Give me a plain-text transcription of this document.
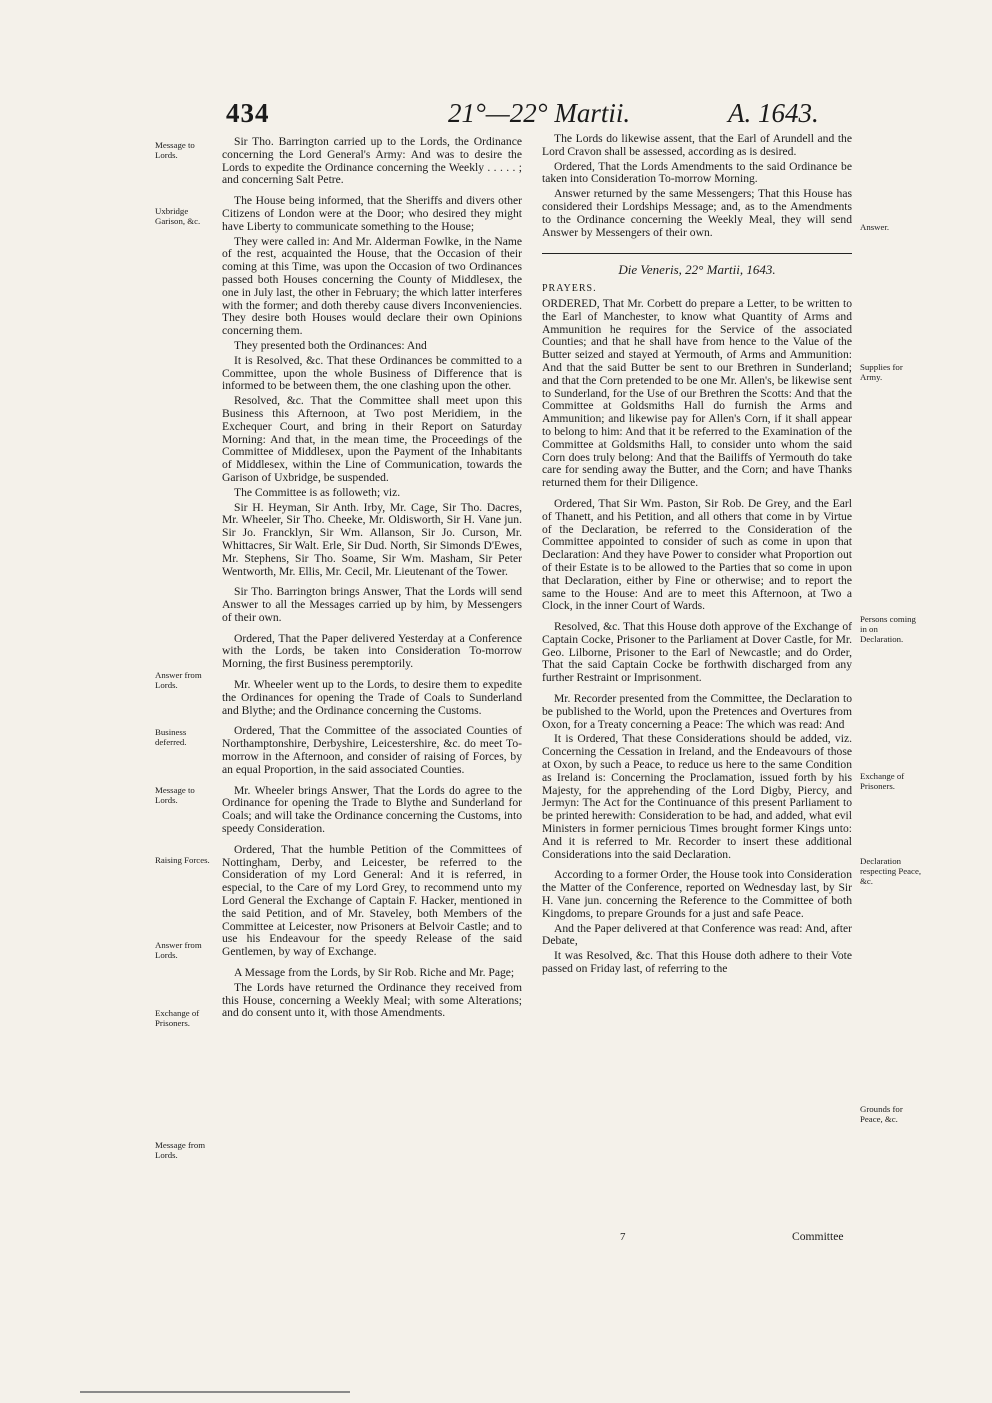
434	21°—22° Martii.	A. 1643.
Message to Lords.
Uxbridge Garison, &c.
Answer from Lords.
Business deferred.
Message to Lords.
Raising Forces.
Answer from Lords.
Exchange of Prisoners.
Message from Lords.
Answer.
Supplies for Army.
Persons coming in on Declaration.
Exchange of Prisoners.
Declaration respecting Peace, &c.
Grounds for Peace, &c.

Sir Tho. Barrington carried up to the Lords, the Ordinance concerning the Lord General's Army: And was to desire the Lords to expedite the Ordinance concerning the Weekly . . . . . ; and concerning Salt Petre.

The House being informed, that the Sheriffs and divers other Citizens of London were at the Door; who desired they might have Liberty to communicate something to the House;

They were called in: And Mr. Alderman Fowlke, in the Name of the rest, acquainted the House, that the Occasion of their coming at this Time, was upon the Occasion of two Ordinances passed both Houses concerning the County of Middlesex, the one in July last, the other in February; the which latter interferes with the former; and doth thereby cause divers Inconveniencies. They desire both Houses would declare their own Opinions concerning them.

They presented both the Ordinances: And

It is Resolved, &c. That these Ordinances be committed to a Committee, upon the whole Business of Difference that is informed to be between them, the one clashing upon the other.

Resolved, &c. That the Committee shall meet upon this Business this Afternoon, at Two post Meridiem, in the Exchequer Court, and bring in their Report on Saturday Morning: And that, in the mean time, the Proceedings of the Committee of Middlesex, upon the Payment of the Inhabitants of Middlesex, within the Line of Communication, towards the Garison of Uxbridge, be suspended.

The Committee is as followeth; viz.

Sir H. Heyman, Sir Anth. Irby, Mr. Cage, Sir Tho. Dacres, Mr. Wheeler, Sir Tho. Cheeke, Mr. Oldisworth, Sir H. Vane jun. Sir Jo. Francklyn, Sir Wm. Allanson, Sir Jo. Curson, Mr. Whittacres, Sir Walt. Erle, Sir Dud. North, Sir Simonds D'Ewes, Mr. Stephens, Sir Tho. Soame, Sir Wm. Masham, Sir Peter Wentworth, Mr. Ellis, Mr. Cecil, Mr. Lieutenant of the Tower.

Sir Tho. Barrington brings Answer, That the Lords will send Answer to all the Messages carried up by him, by Messengers of their own.

Ordered, That the Paper delivered Yesterday at a Conference with the Lords, be taken into Consideration To-morrow Morning, the first Business peremptorily.

Mr. Wheeler went up to the Lords, to desire them to expedite the Ordinances for opening the Trade of Coals to Sunderland and Blythe; and the Ordinance concerning the Customs.

Ordered, That the Committee of the associated Counties of Northamptonshire, Derbyshire, Leicestershire, &c. do meet To-morrow in the Afternoon, and consider of raising of Forces, by an equal Proportion, in the said associated Counties.

Mr. Wheeler brings Answer, That the Lords do agree to the Ordinance for opening the Trade to Blythe and Sunderland for Coals; and will take the Ordinance concerning the Customs, into speedy Consideration.

Ordered, That the humble Petition of the Committees of Nottingham, Derby, and Leicester, be referred to the Consideration of my Lord General: And it is referred, in especial, to the Care of my Lord Grey, to recommend unto my Lord General the Exchange of Captain F. Hacker, mentioned in the said Petition, and of Mr. Staveley, both Members of the Committee at Leicester, now Prisoners at Belvoir Castle; and to use his Endeavour for the speedy Release of the said Gentlemen, by way of Exchange.

A Message from the Lords, by Sir Rob. Riche and Mr. Page;

The Lords have returned the Ordinance they received from this House, concerning a Weekly Meal; with some Alterations; and do consent unto it, with those Amendments.

The Lords do likewise assent, that the Earl of Arundell and the Lord Cravon shall be assessed, according as is desired.

Ordered, That the Lords Amendments to the said Ordinance be taken into Consideration To-morrow Morning.

Answer returned by the same Messengers; That this House has considered their Lordships Message; and, as to the Amendments to the Ordinance concerning the Weekly Meal, they will send Answer by Messengers of their own.

Die Veneris, 22° Martii, 1643.

PRAYERS.

ORDERED, That Mr. Corbett do prepare a Letter, to be written to the Earl of Manchester, to know what Quantity of Arms and Ammunition he requires for the Service of the associated Counties; and that he shall have from hence to the Value of the Butter seized and stayed at Yermouth, of Arms and Ammunition: And that the said Butter be sent to our Brethren in Sunderland; and that the Corn pretended to be one Mr. Allen's, be likewise sent to Sunderland, for the Use of our Brethren the Scotts: And that the Committee at Goldsmiths Hall do furnish the Arms and Ammunition; and likewise pay for Allen's Corn, if it shall appear to belong to him: And that it be referred to the Examination of the Committee at Goldsmiths Hall, to consider unto whom the said Corn does truly belong: And that the Bailiffs of Yermouth do take care for sending away the Butter, and the Corn; and have Thanks returned them for their Diligence.

Ordered, That Sir Wm. Paston, Sir Rob. De Grey, and the Earl of Thanett, and his Petition, and all others that come in by Virtue of the Declaration, be referred to the Consideration of the Committee appointed to consider of such as come in upon that Declaration: And they have Power to consider what Proportion out of their Estate is to be allowed to the Parties that so come in upon that Declaration, either by Fine or otherwise; and to report the same to the House: And are to meet this Afternoon, at Two a Clock, in the inner Court of Wards.

Resolved, &c. That this House doth approve of the Exchange of Captain Cocke, Prisoner to the Parliament at Dover Castle, for Mr. Geo. Lilborne, Prisoner to the Earl of Newcastle; and do Order, That the said Captain Cocke be forthwith discharged from any further Restraint or Imprisonment.

Mr. Recorder presented from the Committee, the Declaration to be published to the World, upon the Pretences and Overtures from Oxon, for a Treaty concerning a Peace: The which was read: And

It is Ordered, That these Considerations should be added, viz. Concerning the Cessation in Ireland, and the Endeavours of those at Oxon, by such a Peace, to reduce us here to the same Condition as Ireland is: Concerning the Proclamation, issued forth by his Majesty, for the apprehending of the Lord Digby, Piercy, and Jermyn: The Act for the Continuance of this present Parliament to be printed herewith: Consideration to be had, and added, what evil Ministers in former pernicious Times brought former Kings unto: And it is referred to Mr. Recorder to insert these additional Considerations into the said Declaration.

According to a former Order, the House took into Consideration the Matter of the Conference, reported on Wednesday last, by Sir H. Vane jun. concerning the Reference to the Committee of both Kingdoms, to prepare Grounds for a just and safe Peace.

And the Paper delivered at that Conference was read: And, after Debate,

It was Resolved, &c. That this House doth adhere to their Vote passed on Friday last, of referring to the

7	Committee
